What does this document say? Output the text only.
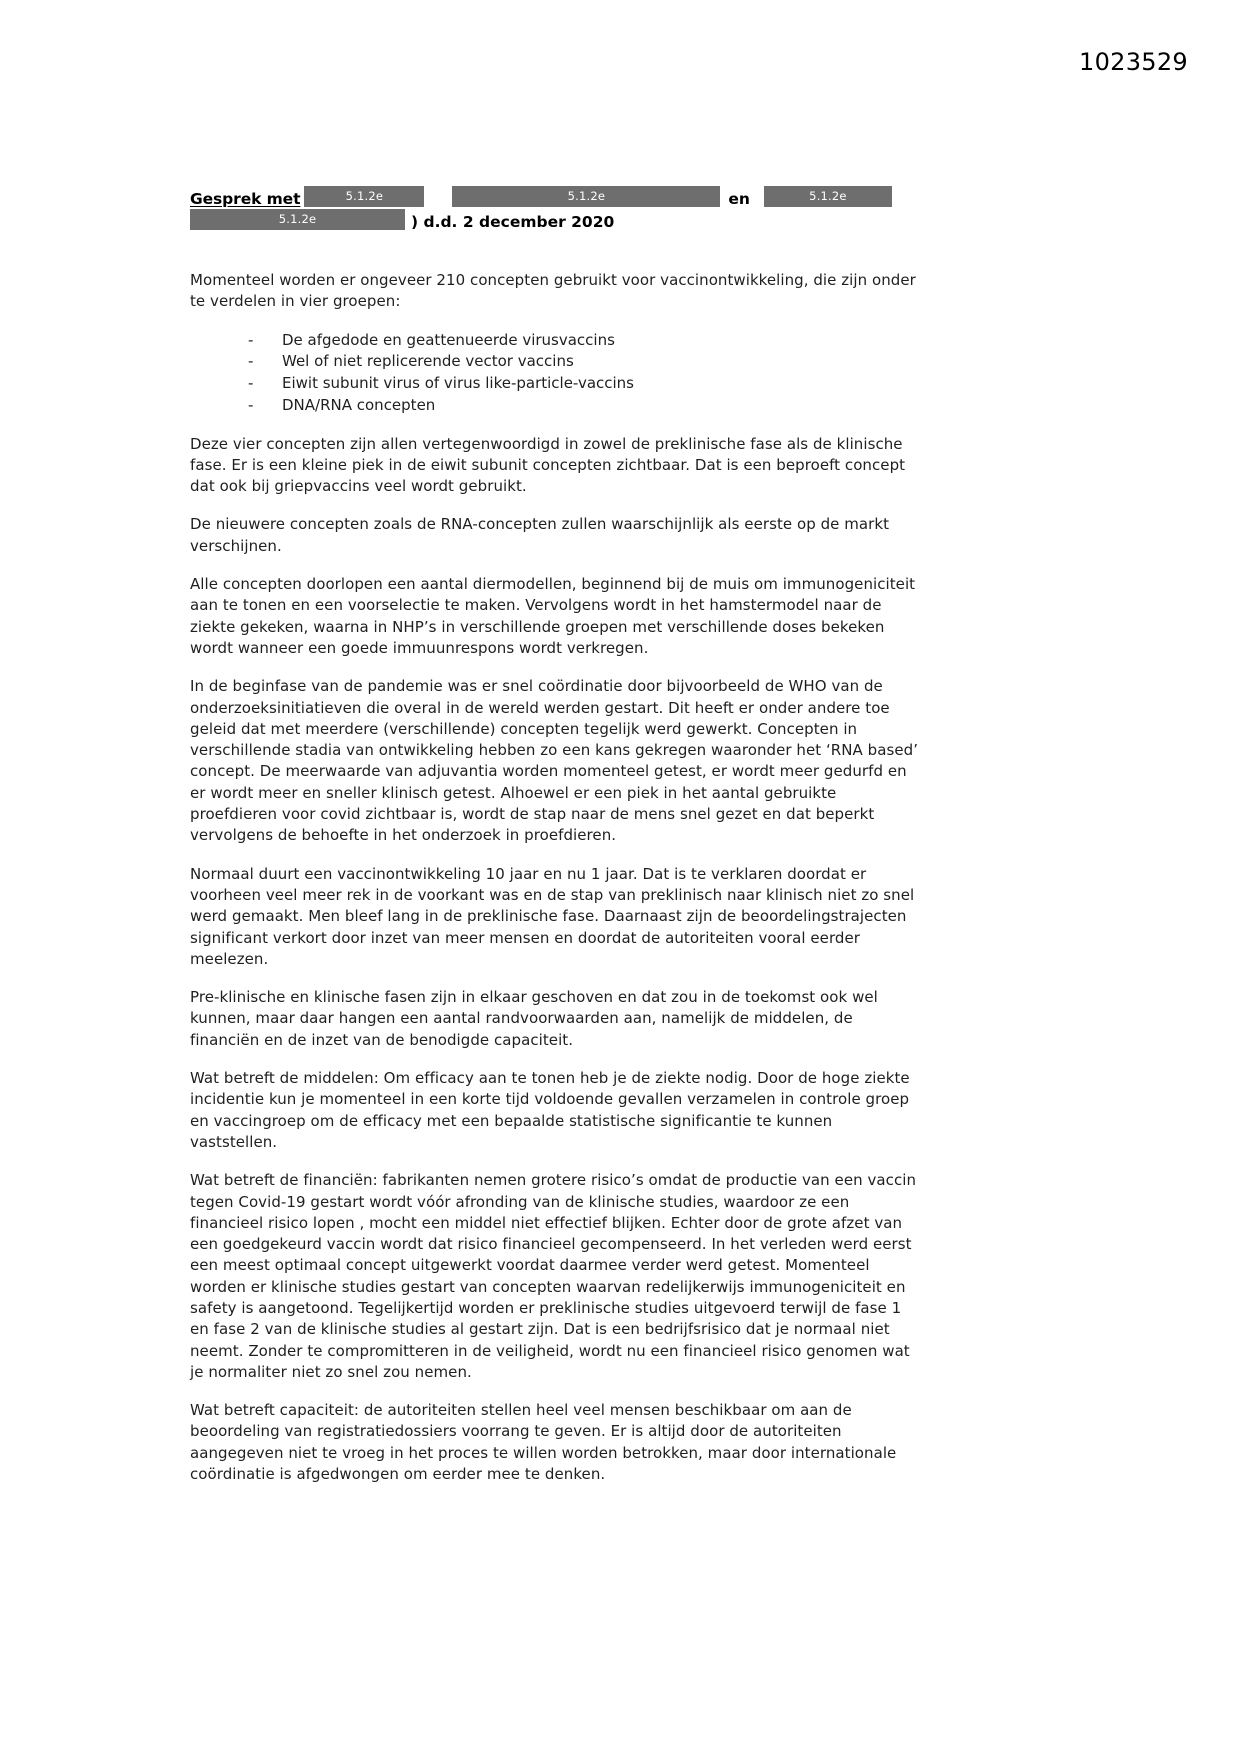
1023529
Gesprek met	5.1.2e	5.1.2e	en	5.1.2e
5.1.2e	) d.d. 2 december 2020

Momenteel worden er ongeveer 210 concepten gebruikt voor vaccinontwikkeling, die zijn onder te verdelen in vier groepen:

- De afgedode en geattenueerde virusvaccins
- Wel of niet replicerende vector vaccins
- Eiwit subunit virus of virus like-particle-vaccins
- DNA/RNA concepten

Deze vier concepten zijn allen vertegenwoordigd in zowel de preklinische fase als de klinische fase. Er is een kleine piek in de eiwit subunit concepten zichtbaar. Dat is een beproeft concept dat ook bij griepvaccins veel wordt gebruikt.

De nieuwere concepten zoals de RNA-concepten zullen waarschijnlijk als eerste op de markt verschijnen.

Alle concepten doorlopen een aantal diermodellen, beginnend bij de muis om immunogeniciteit aan te tonen en een voorselectie te maken. Vervolgens wordt in het hamstermodel naar de ziekte gekeken, waarna in NHP’s in verschillende groepen met verschillende doses bekeken wordt wanneer een goede immuunrespons wordt verkregen.

In de beginfase van de pandemie was er snel coördinatie door bijvoorbeeld de WHO van de onderzoeksinitiatieven die overal in de wereld werden gestart. Dit heeft er onder andere toe geleid dat met meerdere (verschillende) concepten tegelijk werd gewerkt. Concepten in verschillende stadia van ontwikkeling hebben zo een kans gekregen waaronder het ‘RNA based’ concept. De meerwaarde van adjuvantia worden momenteel getest, er wordt meer gedurfd en er wordt meer en sneller klinisch getest. Alhoewel er een piek in het aantal gebruikte proefdieren voor covid zichtbaar is, wordt de stap naar de mens snel gezet en dat beperkt vervolgens de behoefte in het onderzoek in proefdieren.

Normaal duurt een vaccinontwikkeling 10 jaar en nu 1 jaar. Dat is te verklaren doordat er voorheen veel meer rek in de voorkant was en de stap van preklinisch naar klinisch niet zo snel werd gemaakt. Men bleef lang in de preklinische fase. Daarnaast zijn de beoordelingstrajecten significant verkort door inzet van meer mensen en doordat de autoriteiten vooral eerder meelezen.

Pre-klinische en klinische fasen zijn in elkaar geschoven en dat zou in de toekomst ook wel kunnen, maar daar hangen een aantal randvoorwaarden aan, namelijk de middelen, de financiën en de inzet van de benodigde capaciteit.

Wat betreft de middelen: Om efficacy aan te tonen heb je de ziekte nodig. Door de hoge ziekte incidentie kun je momenteel in een korte tijd voldoende gevallen verzamelen in controle groep en vaccingroep om de efficacy met een bepaalde statistische significantie te kunnen vaststellen.

Wat betreft de financiën: fabrikanten nemen grotere risico’s omdat de productie van een vaccin tegen Covid-19 gestart wordt vóór afronding van de klinische studies, waardoor ze een financieel risico lopen , mocht een middel niet effectief blijken. Echter door de grote afzet van een goedgekeurd vaccin wordt dat risico financieel gecompenseerd. In het verleden werd eerst een meest optimaal concept uitgewerkt voordat daarmee verder werd getest. Momenteel worden er klinische studies gestart van concepten waarvan redelijkerwijs immunogeniciteit en safety is aangetoond. Tegelijkertijd worden er preklinische studies uitgevoerd terwijl de fase 1 en fase 2 van de klinische studies al gestart zijn. Dat is een bedrijfsrisico dat je normaal niet neemt. Zonder te compromitteren in de veiligheid, wordt nu een financieel risico genomen wat je normaliter niet zo snel zou nemen.

Wat betreft capaciteit: de autoriteiten stellen heel veel mensen beschikbaar om aan de beoordeling van registratiedossiers voorrang te geven. Er is altijd door de autoriteiten aangegeven niet te vroeg in het proces te willen worden betrokken, maar door internationale coördinatie is afgedwongen om eerder mee te denken.
